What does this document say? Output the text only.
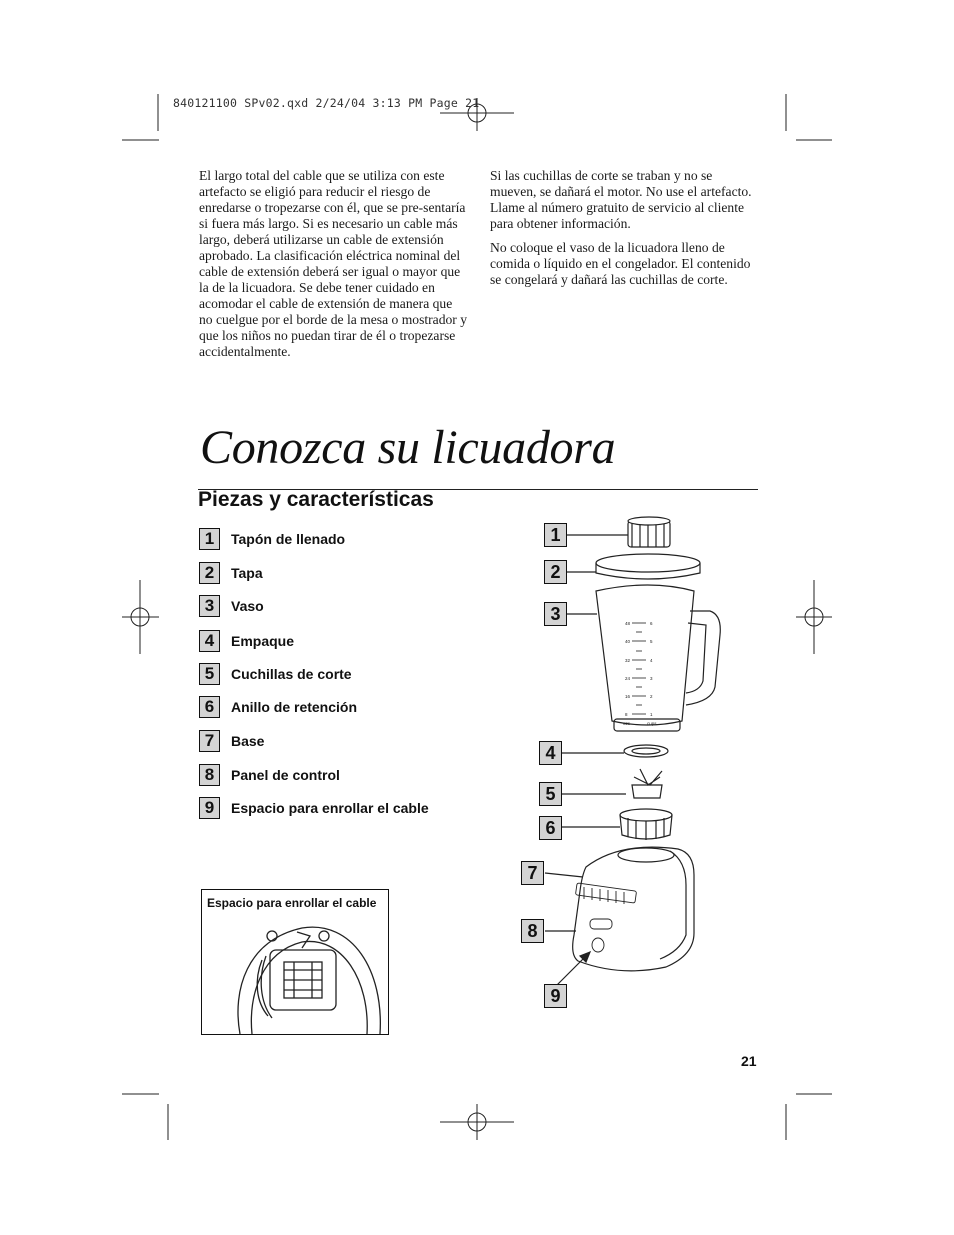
840121100 SPv02.qxd 2/24/04 3:13 PM Page 21

El largo total del cable que se utiliza con este artefacto se eligió para reducir el riesgo de enredarse o tropezarse con él, que se pre-sentaría si fuera más largo. Si es necesario un cable más largo, deberá utilizarse un cable de extensión aprobado. La clasificación eléctrica nominal del cable de extensión deberá ser igual o mayor que la de la licuadora. Se debe tener cuidado en acomodar el cable de extensión de manera que no cuelgue por el borde de la mesa o mostrador y que los niños no puedan tirar de él o tropezarse accidentalmente.

Si las cuchillas de corte se traban y no se mueven, se dañará el motor. No use el artefacto. Llame al número gratuito de servicio al cliente para obtener información.

No coloque el vaso de la licuadora lleno de comida o líquido en el congelador. El contenido se congelará y dañará las cuchillas de corte.

Conozca su licuadora
Piezas y características
1	Tapón de llenado
2	Tapa
3	Vaso
4	Empaque
5	Cuchillas de corte
6	Anillo de retención
7	Base
8	Panel de control
9	Espacio para enrollar el cable
Espacio para enrollar el cable
48
40
32
24
16
8
6
5
4
3
2
1
ozs	cups
1
2
3
4
5
6
7
8
9
21
